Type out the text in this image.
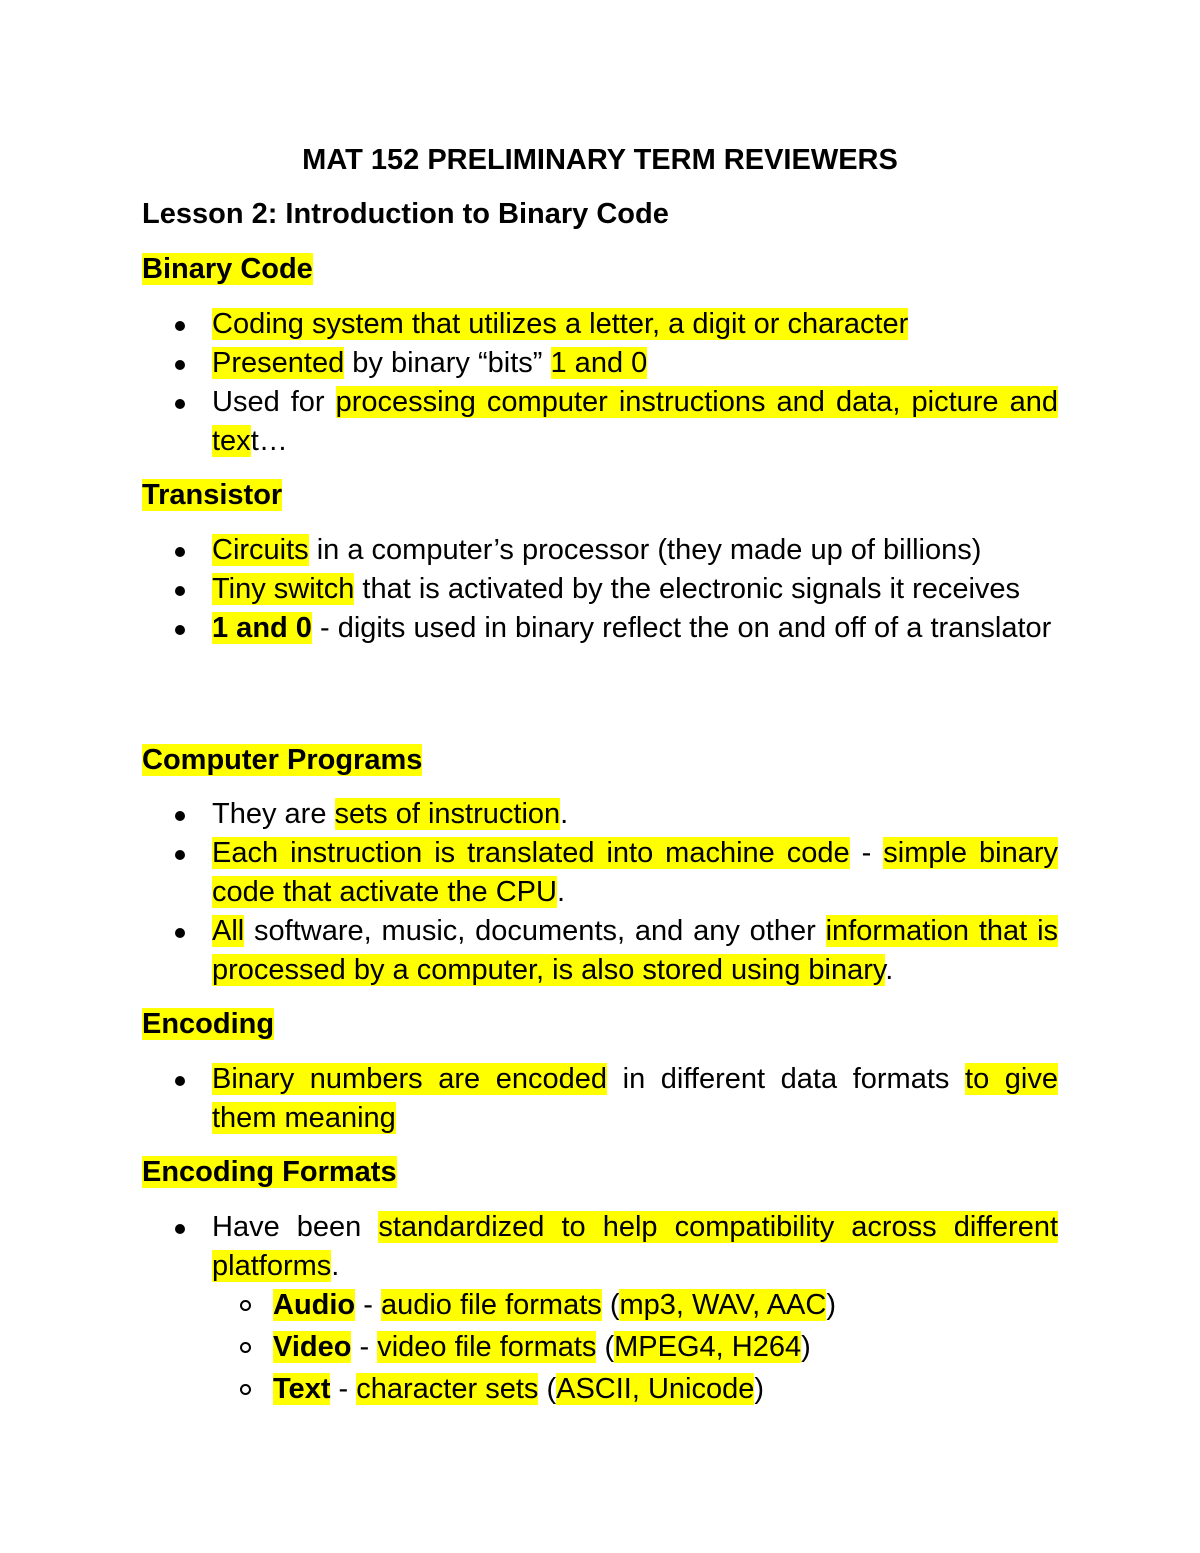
MAT 152 PRELIMINARY TERM REVIEWERS
Lesson 2: Introduction to Binary Code
Binary Code
Coding system that utilizes a letter, a digit or character
Presented by binary “bits” 1 and 0
Used for processing computer instructions and data, picture and text…
Transistor
Circuits in a computer’s processor (they made up of billions)
Tiny switch that is activated by the electronic signals it receives
1 and 0 - digits used in binary reflect the on and off of a translator
Computer Programs
They are sets of instruction.
Each instruction is translated into machine code - simple binary code that activate the CPU.
All software, music, documents, and any other information that is processed by a computer, is also stored using binary.
Encoding
Binary numbers are encoded in different data formats to give them meaning
Encoding Formats
Have been standardized to help compatibility across different platforms.
Audio - audio file formats (mp3, WAV, AAC)
Video - video file formats (MPEG4, H264)
Text - character sets (ASCII, Unicode)
